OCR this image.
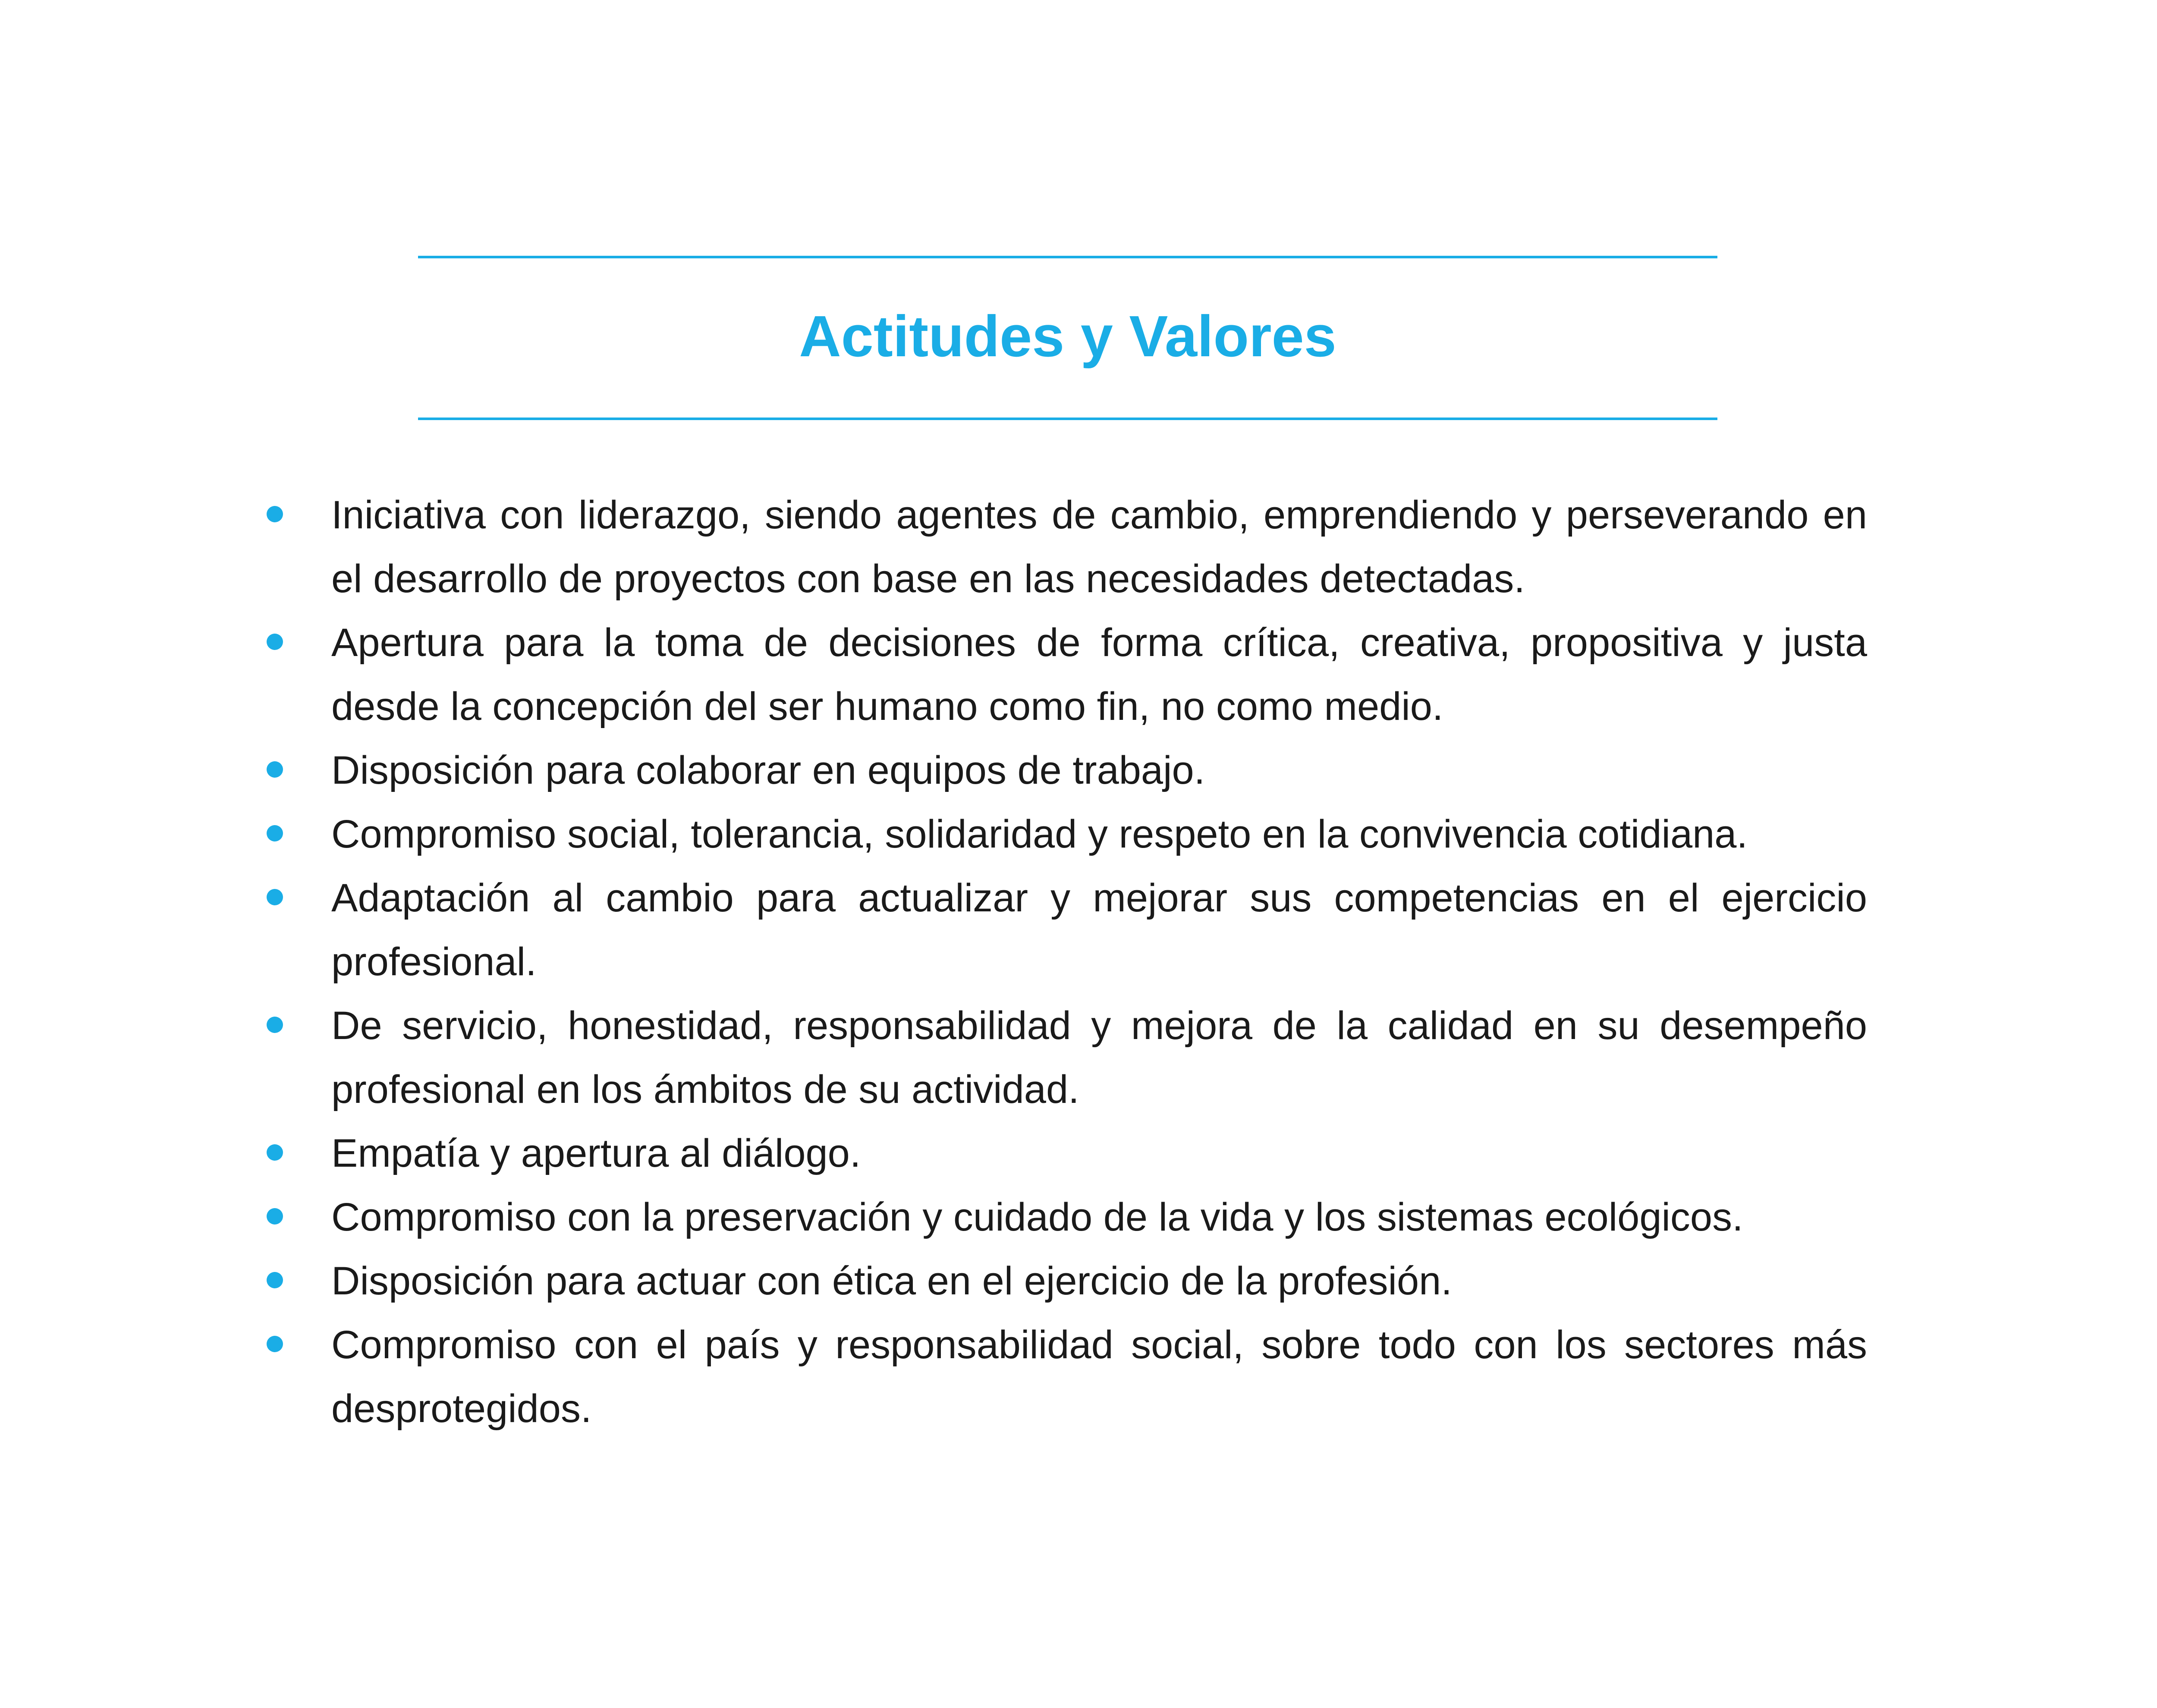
Actitudes y Valores
Iniciativa con liderazgo, siendo agentes de cambio, emprendiendo y perseverando en el desarrollo de proyectos con base en las necesidades detectadas.
Apertura para la toma de decisiones de forma crítica, creativa, propositiva y justa desde la concepción del ser humano como fin, no como medio.
Disposición para colaborar en equipos de trabajo.
Compromiso social, tolerancia, solidaridad y respeto en la convivencia cotidiana.
Adaptación al cambio para actualizar y mejorar sus competencias en el ejercicio profesional.
De servicio, honestidad, responsabilidad y mejora de la calidad en su desempeño profesional en los ámbitos de su actividad.
Empatía y apertura al diálogo.
Compromiso con la preservación y cuidado de la vida y los sistemas ecológicos.
Disposición para actuar con ética en el ejercicio de la profesión.
Compromiso con el país y responsabilidad social, sobre todo con los sectores más desprotegidos.
